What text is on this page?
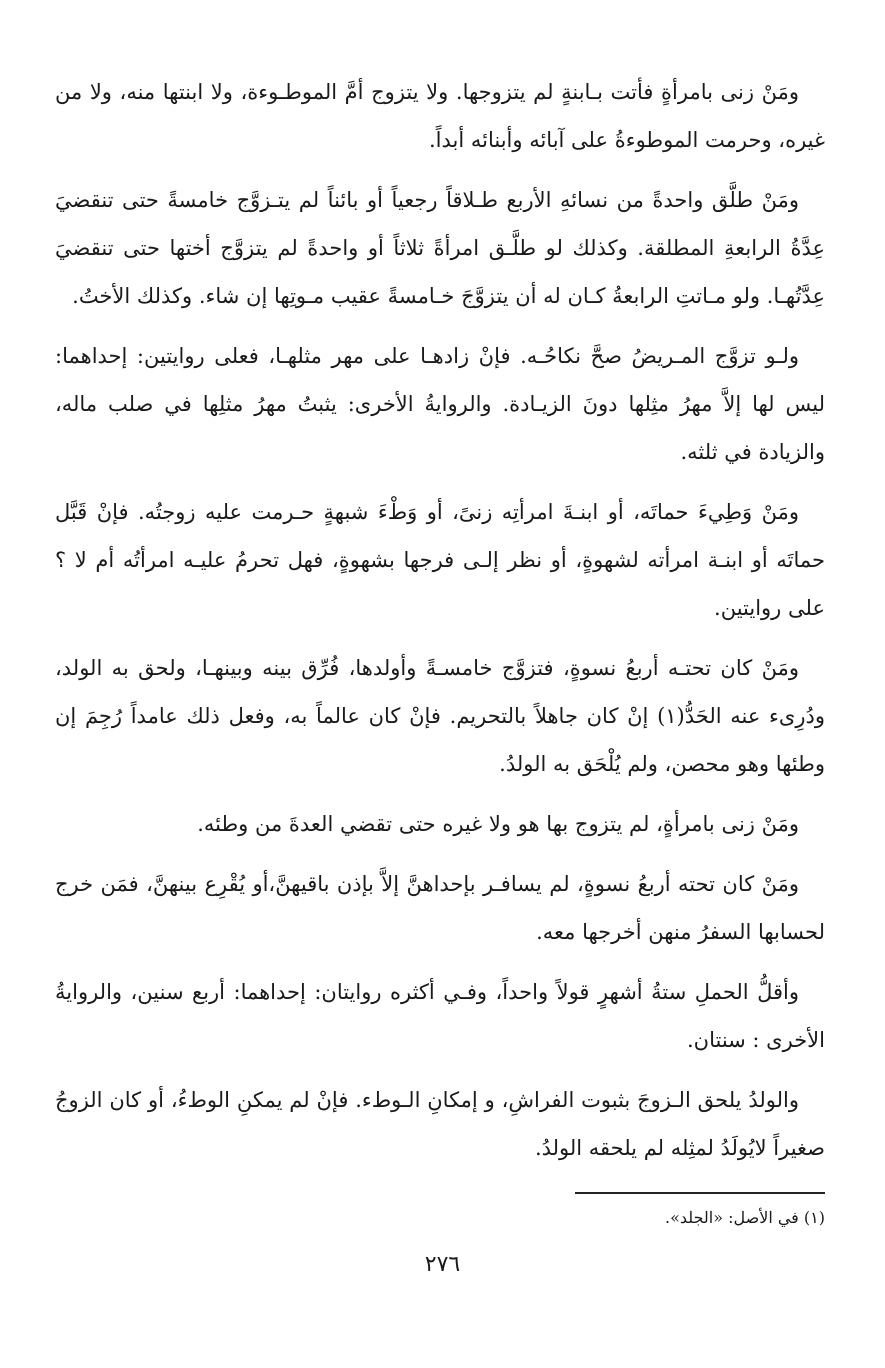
ومَنْ زنى بامرأةٍ فأتت بـابنةٍ لم يتزوجها. ولا يتزوج أمَّ الموطـوءة، ولا ابنتها منه، ولا من غيره، وحرمت الموطوءةُ على آبائه وأبنائه أبداً.

ومَنْ طلَّق واحدةً من نسائهِ الأربع طـلاقاً رجعياً أو بائناً لم يتـزوَّج خامسةً حتى تنقضيَ عِدَّةُ الرابعةِ المطلقة. وكذلك لو طلَّـق امرأةً ثلاثاً أو واحدةً لم يتزوَّج أختها حتى تنقضيَ عِدَّتُهـا. ولو مـاتتِ الرابعةُ كـان له أن يتزوَّجَ خـامسةً عقيب مـوتِها إن شاء. وكذلك الأختُ.

ولـو تزوَّج المـريضُ صحَّ نكاحُـه. فإنْ زادهـا على مهر مثلهـا، فعلى روايتين: إحداهما: ليس لها إلاَّ مهرُ مثِلها دونَ الزيـادة. والروايةُ الأخرى: يثبتُ مهرُ مثلِها في صلب ماله، والزيادة في ثلثه.

ومَنْ وَطِيءَ حماتَه، أو ابنـةَ امرأتِه زنىً، أو وَطْءَ شبهةٍ حـرمت عليه زوجتُه. فإنْ قَبَّل حماتَه أو ابنـة امرأته لشهوةٍ، أو نظر إلـى فرجها بشهوةٍ، فهل تحرمُ عليـه امرأتُه أم لا ؟ على روايتين.

ومَنْ كان تحتـه أربعُ نسوةٍ، فتزوَّج خامسـةً وأولدها، فُرِّق بينه وبينهـا، ولحق به الولد، ودُرِىء عنه الحَدُّ(١) إنْ كان جاهلاً بالتحريم. فإنْ كان عالماً به، وفعل ذلك عامداً رُجِمَ إن وطئها وهو محصن، ولم يُلْحَق به الولدُ.

ومَنْ زنى بامرأةٍ، لم يتزوج بها هو ولا غيره حتى تقضي العدةَ من وطئه.

ومَنْ كان تحته أربعُ نسوةٍ، لم يسافـر بإحداهنَّ إلاَّ بإذن باقيهنَّ،أو يُقْرِع بينهنَّ، فمَن خرج لحسابها السفرُ منهن أخرجها معه.

وأقلُّ الحملِ ستةُ أشهرٍ قولاً واحداً، وفـي أكثره روايتان: إحداهما: أربع سنين، والروايةُ الأخرى : سنتان.

والولدُ يلحق الـزوجَ بثبوت الفراشِ، و إمكانِ الـوطء. فإنْ لم يمكنِ الوطءُ، أو كان الزوجُ صغيراً لايُولَدُ لمثِله لم يلحقه الولدُ.

(١) في الأصل: «الجلد».
٢٧٦
